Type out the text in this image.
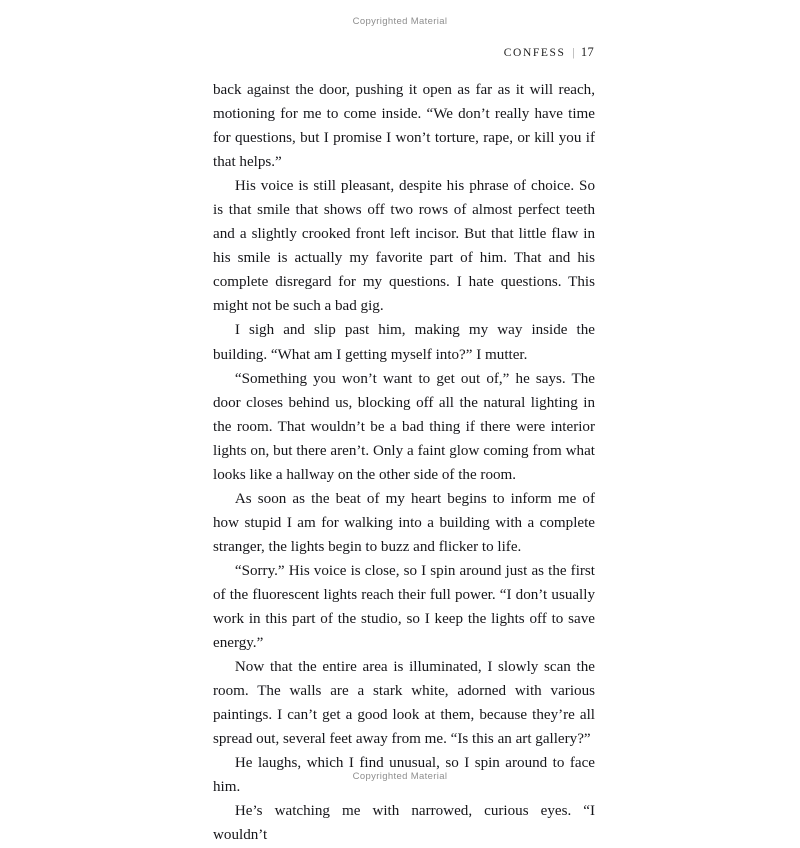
Copyrighted Material
CONFESS | 17

back against the door, pushing it open as far as it will reach, motioning for me to come inside. “We don’t really have time for questions, but I promise I won’t torture, rape, or kill you if that helps.”

His voice is still pleasant, despite his phrase of choice. So is that smile that shows off two rows of almost perfect teeth and a slightly crooked front left incisor. But that little flaw in his smile is actually my favorite part of him. That and his complete disregard for my questions. I hate questions. This might not be such a bad gig.

I sigh and slip past him, making my way inside the building. “What am I getting myself into?” I mutter.

“Something you won’t want to get out of,” he says. The door closes behind us, blocking off all the natural lighting in the room. That wouldn’t be a bad thing if there were interior lights on, but there aren’t. Only a faint glow coming from what looks like a hallway on the other side of the room.

As soon as the beat of my heart begins to inform me of how stupid I am for walking into a building with a complete stranger, the lights begin to buzz and flicker to life.

“Sorry.” His voice is close, so I spin around just as the first of the fluorescent lights reach their full power. “I don’t usually work in this part of the studio, so I keep the lights off to save energy.”

Now that the entire area is illuminated, I slowly scan the room. The walls are a stark white, adorned with various paintings. I can’t get a good look at them, because they’re all spread out, several feet away from me. “Is this an art gallery?”

He laughs, which I find unusual, so I spin around to face him.

He’s watching me with narrowed, curious eyes. “I wouldn’t

Copyrighted Material
